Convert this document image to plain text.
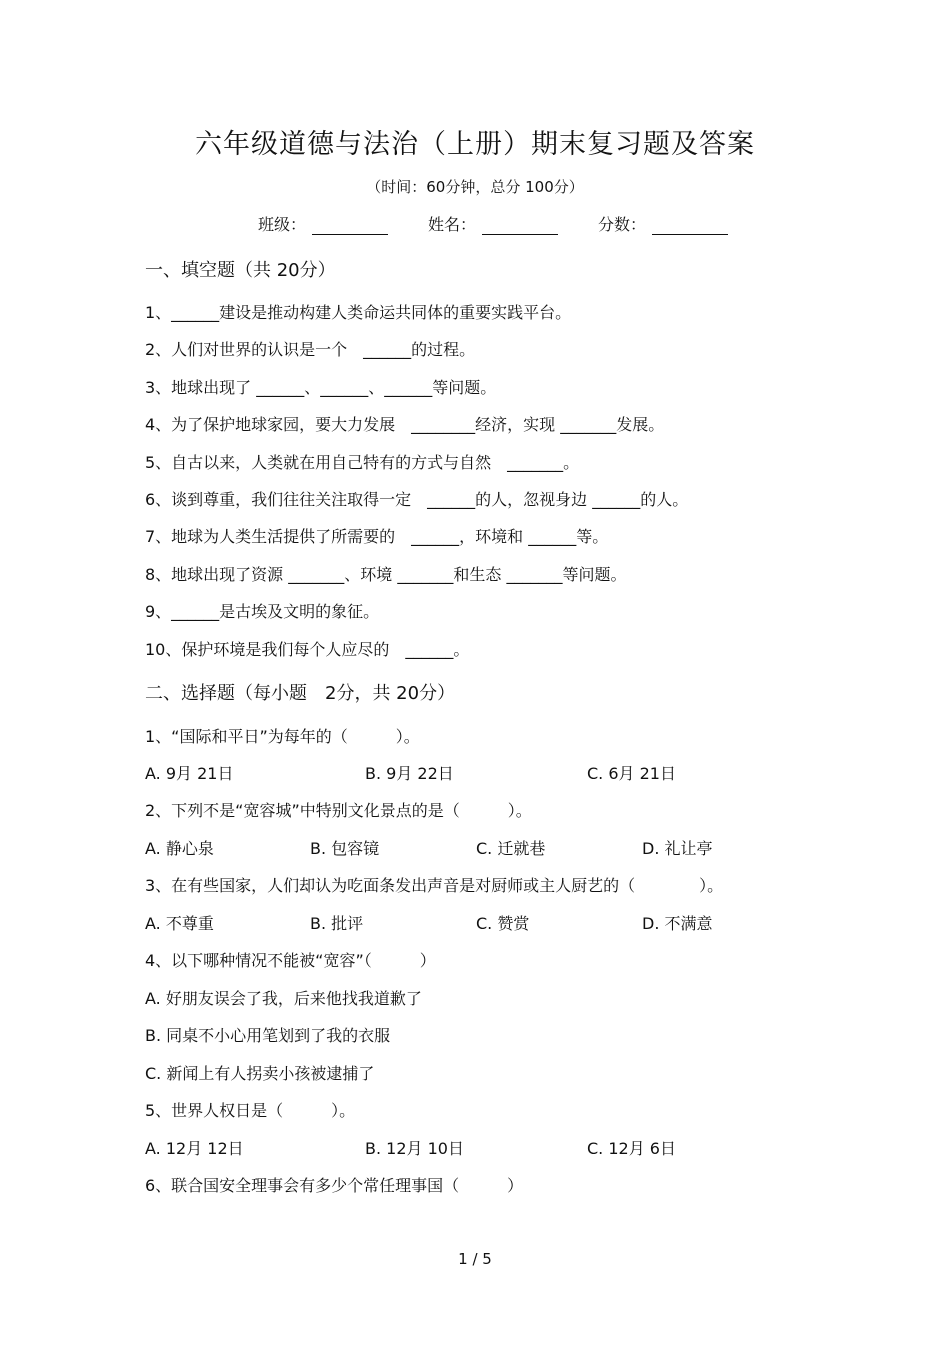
六年级道德与法治（上册）期末复习题及答案
（时间：60分钟，总分 100分）
班级：	姓名：	分数：
一、填空题（共 20分）
1、______建设是推动构建人类命运共同体的重要实践平台。
2、人们对世界的认识是一个　______的过程。
3、地球出现了 ______、______、______等问题。
4、为了保护地球家园，要大力发展　________经济，实现 _______发展。
5、自古以来，人类就在用自己特有的方式与自然　_______。
6、谈到尊重，我们往往关注取得一定　______的人，忽视身边 ______的人。
7、地球为人类生活提供了所需要的　______，环境和 ______等。
8、地球出现了资源 _______、环境 _______和生态 _______等问题。
9、______是古埃及文明的象征。
10、保护环境是我们每个人应尽的　______。
二、选择题（每小题　2分，共 20分）
1、“国际和平日”为每年的（　　　）。
A. 9月 21日	B. 9月 22日	C. 6月 21日
2、下列不是“宽容城”中特别文化景点的是（　　　）。
A. 静心泉	B. 包容镜	C. 迁就巷	D. 礼让亭
3、在有些国家，人们却认为吃面条发出声音是对厨师或主人厨艺的（　　　　）。
A. 不尊重	B. 批评	C. 赞赏	D. 不满意
4、以下哪种情况不能被“宽容”（　　　）
A. 好朋友误会了我，后来他找我道歉了
B. 同桌不小心用笔划到了我的衣服
C. 新闻上有人拐卖小孩被逮捕了
5、世界人权日是（　　　）。
A. 12月 12日	B. 12月 10日	C. 12月 6日
6、联合国安全理事会有多少个常任理事国（　　　）
1 / 5
